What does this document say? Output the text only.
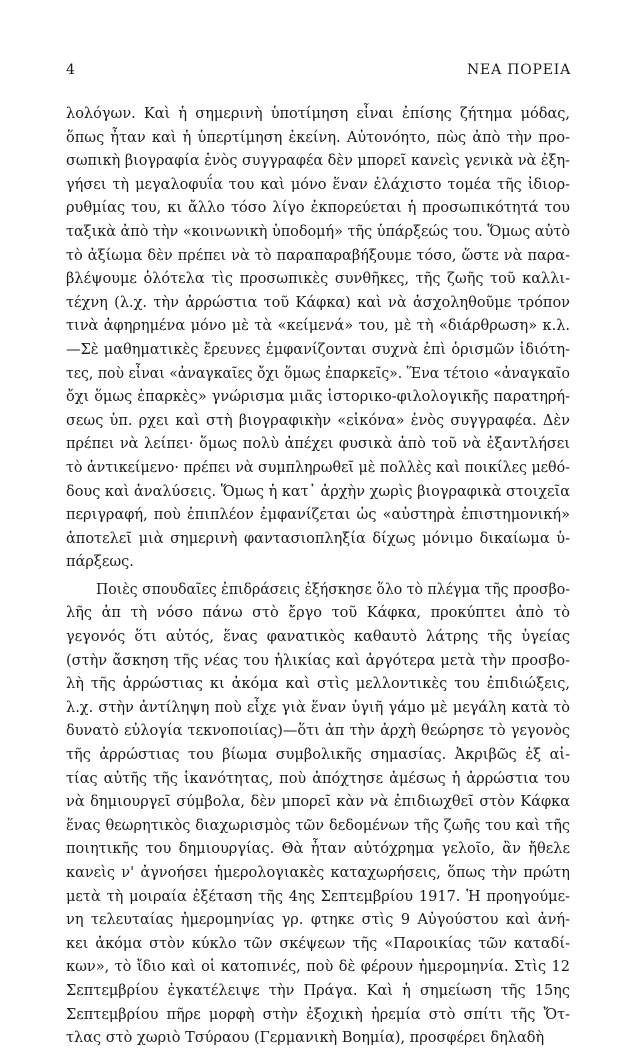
4	ΝΕΑ ΠΟΡΕΙΑ
λολόγων. Καὶ ἡ σημερινὴ ὑποτίμηση εἶναι ἐπίσης ζήτημα μόδας,
ὅπως ἦταν καὶ ἡ ὑπερτίμηση ἐκείνη. Αὐτονόητο, πὼς ἀπὸ τὴν προ-
σωπικὴ βιογραφία ἑνὸς συγγραφέα δὲν μπορεῖ κανεὶς γενικὰ νὰ ἐξη-
γήσει τὴ μεγαλοφυΐα του καὶ μόνο ἕναν ἐλάχιστο τομέα τῆς ἰδιορ-
ρυθμίας του, κι ἄλλο τόσο λίγο ἐκπορεύεται ἡ προσωπικότητά του
ταξικὰ ἀπὸ τὴν «κοινωνικὴ ὑποδομή» τῆς ὑπάρξεώς του. Ὅμως αὐτὸ
τὸ ἀξίωμα δὲν πρέπει νὰ τὸ παραπαραβήξουμε τόσο, ὥστε νὰ παρα-
βλέψουμε ὁλότελα τὶς προσωπικὲς συνθῆκες, τῆς ζωῆς τοῦ καλλι-
τέχνη (λ.χ. τὴν ἀρρώστια τοῦ Κάφκα) καὶ νὰ ἀσχοληθοῦμε τρόπον
τινὰ ἀφηρημένα μόνο μὲ τὰ «κείμενά» του, μὲ τὴ «διάρθρωση» κ.λ.
—Σὲ μαθηματικὲς ἔρευνες ἐμφανίζονται συχνὰ ἐπὶ ὁρισμῶν ἰδιότη-
τες, ποὺ εἶναι «ἀναγκαῖες ὄχι ὅμως ἐπαρκεῖς». Ἕνα τέτοιο «ἀναγκαῖο
ὄχι ὅμως ἐπαρκὲς» γνώρισμα μιᾶς ἱστορικο-φιλολογικῆς παρατηρή-
σεως ὑπ. ρχει καὶ στὴ βιογραφικὴν «εἰκόνα» ἑνὸς συγγραφέα. Δὲν
πρέπει νὰ λείπει· ὅμως πολὺ ἀπέχει φυσικὰ ἀπὸ τοῦ νὰ ἐξαντλήσει
τὸ ἀντικείμενο· πρέπει νὰ συμπληρωθεῖ μὲ πολλὲς καὶ ποικίλες μεθό-
δους καὶ ἀναλύσεις. Ὅμως ἡ κατ᾽ ἀρχὴν χωρὶς βιογραφικὰ στοιχεῖα
περιγραφή, ποὺ ἐπιπλέον ἐμφανίζεται ὡς «αὐστηρὰ ἐπιστημονική»
ἀποτελεῖ μιὰ σημερινὴ φαντασιοπληξία δίχως μόνιμο δικαίωμα ὑ-
πάρξεως.
Ποιὲς σπουδαῖες ἐπιδράσεις ἐξήσκησε ὅλο τὸ πλέγμα τῆς προσβο-
λῆς ἀπ τὴ νόσο πάνω στὸ ἔργο τοῦ Κάφκα, προκύπτει ἀπὸ τὸ
γεγονός ὅτι αὐτός, ἕνας φανατικὸς καθαυτὸ λάτρης τῆς ὑγείας
(στὴν ἄσκηση τῆς νέας του ἡλικίας καὶ ἀργότερα μετὰ τὴν προσβο-
λὴ τῆς ἀρρώστιας κι ἀκόμα καὶ στὶς μελλοντικὲς του ἐπιδιώξεις,
λ.χ. στὴν ἀντίληψη ποὺ εἶχε γιὰ ἕναν ὑγιῆ γάμο μὲ μεγάλη κατὰ τὸ
δυνατὸ εὐλογία τεκνοποιίας)—ὅτι ἀπ τὴν ἀρχὴ θεώρησε τὸ γεγονὸς
τῆς ἀρρώστιας του βίωμα συμβολικῆς σημασίας. Ἀκριβῶς ἐξ αἰ-
τίας αὐτῆς τῆς ἱκανότητας, ποὺ ἀπόχτησε ἀμέσως ἡ ἀρρώστια του
νὰ δημιουργεῖ σύμβολα, δὲν μπορεῖ κὰν νὰ ἐπιδιωχθεῖ στὸν Κάφκα
ἕνας θεωρητικὸς διαχωρισμὸς τῶν δεδομένων τῆς ζωῆς του καὶ τῆς
ποιητικῆς του δημιουργίας. Θὰ ἦταν αὐτόχρημα γελοῖο, ἂν ἤθελε
κανεὶς ν' ἀγνοήσει ἡμερολογιακὲς καταχωρήσεις, ὅπως τὴν πρώτη
μετὰ τὴ μοιραία ἐξέταση τῆς 4ης Σεπτεμβρίου 1917. Ἡ προηγούμε-
νη τελευταίας ἡμερομηνίας γρ. φτηκε στὶς 9 Αὐγούστου καὶ ἀνή-
κει ἀκόμα στὸν κύκλο τῶν σκέψεων τῆς «Παροικίας τῶν καταδί-
κων», τὸ ἴδιο καὶ οἱ κατοπινές, ποὺ δὲ φέρουν ἡμερομηνία. Στὶς 12
Σεπτεμβρίου ἐγκατέλειψε τὴν Πράγα. Καὶ ἡ σημείωση τῆς 15ης
Σεπτεμβρίου πῆρε μορφὴ στὴν ἐξοχικὴ ἠρεμία στὸ σπίτι τῆς Ὄτ-
τλας στὸ χωριὸ Τσύραου (Γερμανικὴ Βοημία), προσφέρει δηλαδὴ
